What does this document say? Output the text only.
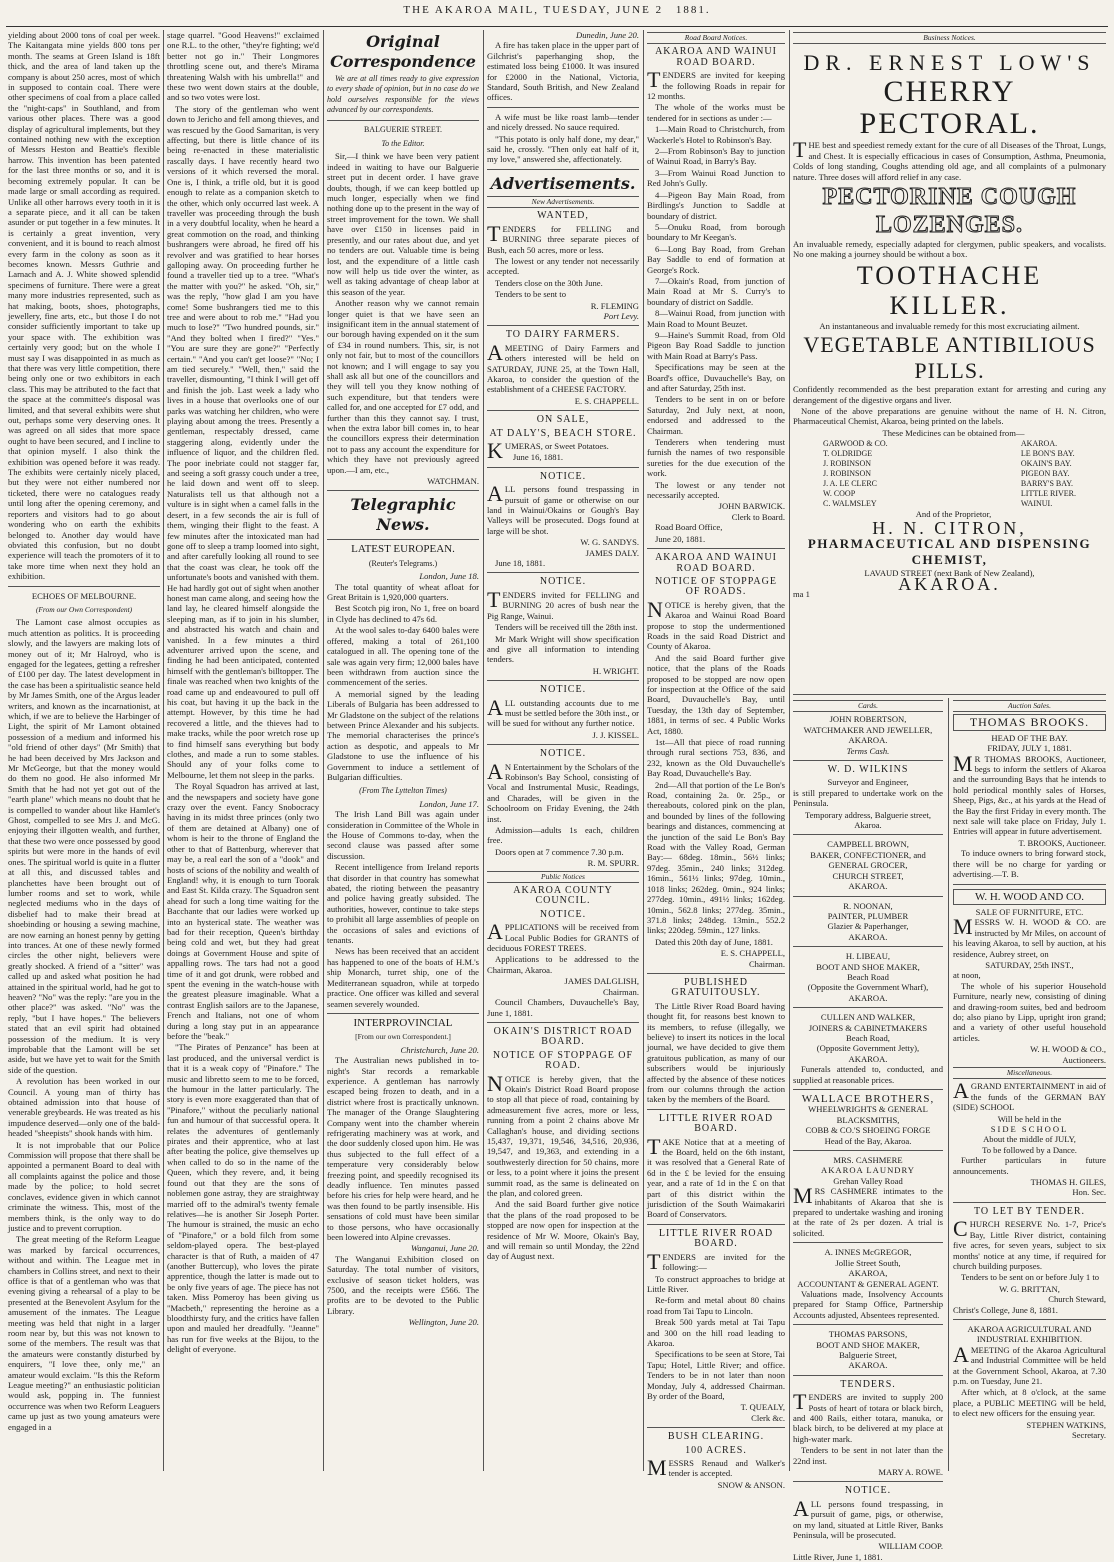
THE AKAROA MAIL, TUESDAY, JUNE 2 1881.

yielding about 2000 tons of coal per week. The Kaitangata mine yields 800 tons per month. The seams at Green Island is 18ft thick, and the area of land taken up the company is about 250 acres, most of which in supposed to contain coal. There were other specimens of coal from a place called the "night-caps" in Southland, and from various other places. There was a good display of agricultural implements, but they contained nothing new with the exception of Messrs Heston and Beattie's flexible harrow. This invention has been patented for the last three months or so, and it is becoming extremely popular. It can be made large or small according as required. Unlike all other harrows every tooth in it is a separate piece, and it all can be taken asunder or put together in a few minutes. It is certainly a great invention, very convenient, and it is bound to reach almost every farm in the colony as soon as it becomes known. Messrs Guthrie and Larnach and A. J. White showed splendid specimens of furniture. There were a great many more industries represented, such as hat making, boots, shoes, photographs, jewellery, fine arts, etc., but those I do not consider sufficiently important to take up your space with. The exhibition was certainly very good; but on the whole I must say I was disappointed in as much as that there was very little competition, there being only one or two exhibitors in each class. This may be attributed to the fact that the space at the committee's disposal was limited, and that several exhibits were shut out, perhaps some very deserving ones. It was agreed on all sides that more space ought to have been secured, and I incline to that opinion myself. I also think the exhibition was opened before it was ready. The exhibits were certainly nicely placed, but they were not either numbered nor ticketed, there were no catalogues ready until long after the opening ceremony, and reporters and visitors had to go about wondering who on earth the exhibits belonged to. Another day would have obviated this confusion, but no doubt experience will teach the promoters of it to take more time when next they hold an exhibition.

ECHOES OF MELBOURNE.
(From our Own Correspondent)

The Lamont case almost occupies as much attention as politics. It is proceeding slowly, and the lawyers are making lots of money out of it; Mr Halroyd, who is engaged for the legatees, getting a refresher of £100 per day. The latest development in the case has been a spiritualistic seance held by Mr James Smith, one of the Argus leader writers, and known as the incarnationist, at which, if we are to believe the Harbinger of Light, the spirit of Mr Lamont obtained possession of a medium and informed his "old friend of other days" (Mr Smith) that he had been deceived by Mrs Jackson and Mr McGeorge, but that the money would do them no good. He also informed Mr Smith that he had not yet got out of the "earth plane" which means no doubt that he is compelled to wander about like Hamlet's Ghost, compelled to see Mrs J. and McG. enjoying their illgotten wealth, and further, that these two were once possessed by good spirits but were more in the hands of evil ones. The spiritual world is quite in a flutter at all this, and discussed tables and planchettes have been brought out of lumber rooms and set to work, while neglected mediums who in the days of disbelief had to make their bread at shoebinding or housing a sewing machine, are now earning an honest penny by getting into trances. At one of these newly formed circles the other night, believers were greatly shocked. A friend of a "sitter" was called up and asked what position he had attained in the spiritual world, had he got to heaven? "No" was the reply: "are you in the other place?" was asked. "No" was the reply, "but I have hopes." The believers stated that an evil spirit had obtained possession of the medium. It is very improbable that the Lamont will be set aside, but we have yet to wait for the Smith side of the question.

A revolution has been worked in our Council. A young man of thirty has obtained admission into that house of venerable greybeards. He was treated as his impudence deserved—only one of the bald-headed "sheepists" shook hands with him.

It is not improbable that our Police Commission will propose that there shall be appointed a permanent Board to deal with all complaints against the police and those made by the police; to hold secret conclaves, evidence given in which cannot criminate the witness. This, most of the members think, is the only way to do justice and to prevent corruption.

The great meeting of the Reform League was marked by farcical occurrences, without and within. The League met in chambers in Collins street, and next to their office is that of a gentleman who was that evening giving a rehearsal of a play to be presented at the Benevolent Asylum for the amusement of the inmates. The League meeting was held that night in a larger room near by, but this was not known to some of the members. The result was that the amateurs were constantly disturbed by enquirers, "I love thee, only me," an amateur would exclaim. "Is this the Reform League meeting?" an enthusiastic politician would ask, popping in. The funniest occurrence was when two Reform Leaguers came up just as two young amateurs were engaged in a

stage quarrel. "Good Heavens!" exclaimed one R.L. to the other, "they're fighting; we'd better not go in." Their Longmores throttling scene out, and there's Mirama threatening Walsh with his umbrella!" and these two went down stairs at the double, and so two votes were lost.

The story of the gentleman who went down to Jericho and fell among thieves, and was rescued by the Good Samaritan, is very affecting, but there is little chance of its being re-enacted in these materialistic rascally days. I have recently heard two versions of it which reversed the moral. One is, I think, a trifle old, but it is good enough to relate as a companion sketch to the other, which only occurred last week. A traveller was proceeding through the bush in a very doubtful locality, when he heard a great commotion on the road, and thinking bushrangers were abroad, he fired off his revolver and was gratified to hear horses galloping away. On proceeding further he found a traveller tied up to a tree. "What's the matter with you?" he asked. "Oh, sir," was the reply, "how glad I am you have come! Some bushrangers tied me to this tree and were about to rob me." "Had you much to lose?" "Two hundred pounds, sir." "And they bolted when I fired?" "Yes." "You are sure they are gone?" "Perfectly certain." "And you can't get loose?" "No; I am tied securely." "Well, then," said the traveller, dismounting, "I think I will get off and finish the job. Last week a lady who lives in a house that overlooks one of our parks was watching her children, who were playing about among the trees. Presently a gentleman, respectably dressed, came staggering along, evidently under the influence of liquor, and the children fled. The poor inebriate could not stagger far, and seeing a soft grassy couch under a tree, he laid down and went off to sleep. Naturalists tell us that although not a vulture is in sight when a camel falls in the desert, in a few seconds the air is full of them, winging their flight to the feast. A few minutes after the intoxicated man had gone off to sleep a tramp loomed into sight, and after carefully looking all round to see that the coast was clear, he took off the unfortunate's boots and vanished with them. He had hardly got out of sight when another honest man came along, and seeing how the land lay, he cleared himself alongside the sleeping man, as if to join in his slumber, and abstracted his watch and chain and vanished. In a few minutes a third adventurer arrived upon the scene, and finding he had been anticipated, contented himself with the gentleman's billtopper. The finale was reached when two knights of the road came up and endeavoured to pull off his coat, but having it up the back in the attempt. However, by this time he had recovered a little, and the thieves had to make tracks, while the poor wretch rose up to find himself sans everything but body clothes, and made a run to some stables. Should any of your folks come to Melbourne, let them not sleep in the parks.

The Royal Squadron has arrived at last, and the newspapers and society have gone crazy over the event. Fancy Snobocracy having in its midst three princes (only two of them are detained at Albany) one of whom is heir to the throne of England the other to that of Battenburg, wherever that may be, a real earl the son of a "dook" and hosts of scions of the nobility and wealth of England! why, it is enough to turn Toorak and East St. Kilda crazy. The Squadron sent ahead for such a long time waiting for the Bacchante that our ladies were worked up into an hysterical state. The weather was bad for their reception, Queen's birthday being cold and wet, but they had great doings at Government House and spite of appalling rows. The tars had not a good time of it and got drunk, were robbed and spent the evening in the watch-house with the greatest pleasure imaginable. What a contrast English sailors are to the Japanese, French and Italians, not one of whom during a long stay put in an appearance before the "beak."

"The Pirates of Penzance" has been at last produced, and the universal verdict is that it is a weak copy of "Pinafore." The music and libretto seem to me to be forced, the humour in the latter particularly. The story is even more exaggerated than that of "Pinafore," without the peculiarly national fun and humour of that successful opera. It relates the adventures of gentlemanly pirates and their apprentice, who at last after beating the police, give themselves up when called to do so in the name of the Queen, which they revere, and, it being found out that they are the sons of noblemen gone astray, they are straightway married off to the admiral's twenty female relatives—he is another Sir Joseph Porter. The humour is strained, the music an echo of "Pinafore," or a bold filch from some seldom-played opera. The best-played character is that of Ruth, a maiden of 47 (another Buttercup), who loves the pirate apprentice, though the latter is made out to be only five years of age. The piece has not taken. Miss Pomeroy has been giving us "Macbeth," representing the heroine as a bloodthirsty fury, and the critics have fallen upon and mauled her dreadfully. "Jeanne" has run for five weeks at the Bijou, to the delight of everyone.

Original Correspondence

We are at all times ready to give expression to every shade of opinion, but in no case do we hold ourselves responsible for the views advanced by our correspondents.

BALGUERIE STREET.
To the Editor.

Sir,—I think we have been very patient indeed in waiting to have our Balguerie street put in decent order. I have grave doubts, though, if we can keep bottled up much longer, especially when we find nothing done up to the present in the way of street improvement for the town. We shall have over £150 in licenses paid in presently, and our rates about due, and yet no tenders are out. Valuable time is being lost, and the expenditure of a little cash now will help us tide over the winter, as well as taking advantage of cheap labor at this season of the year.

Another reason why we cannot remain longer quiet is that we have seen an insignificant item in the annual statement of our borough having expended on it the sum of £34 in round numbers. This, sir, is not only not fair, but to most of the councillors not known; and I will engage to say you shall ask all but one of the councillors and they will tell you they know nothing of such expenditure, but that tenders were called for, and one accepted for £7 odd, and further than this they cannot say. I trust, when the extra labor bill comes in, to hear the councillors express their determination not to pass any account the expenditure for which they have not previously agreed upon.—I am, etc.,

WATCHMAN.
Telegraphic News.
LATEST EUROPEAN.
(Reuter's Telegrams.)
London, June 18.

The total quantity of wheat afloat for Great Britain is 1,920,000 quarters.

Best Scotch pig iron, No 1, free on board in Clyde has declined to 47s 6d.

At the wool sales to-day 6400 bales were offered, making a total of 261,100 catalogued in all. The opening tone of the sale was again very firm; 12,000 bales have been withdrawn from auction since the commencement of the series.

A memorial signed by the leading Liberals of Bulgaria has been addressed to Mr Gladstone on the subject of the relations between Prince Alexander and his subjects. The memorial characterises the prince's action as despotic, and appeals to Mr Gladstone to use the influence of his Government to induce a settlement of Bulgarian difficulties.

(From The Lyttelton Times)
London, June 17.

The Irish Land Bill was again under consideration in Committee of the Whole in the House of Commons to-day, when the second clause was passed after some discussion.

Recent intelligence from Ireland reports that disorder in that country has somewhat abated, the rioting between the peasantry and police having greatly subsided. The authorities, however, continue to take steps to prohibit all large assemblies of people on the occasions of sales and evictions of tenants.

News has been received that an accident has happened to one of the boats of H.M.'s ship Monarch, turret ship, one of the Mediterranean squadron, while at torpedo practice. One officer was killed and several seamen severely wounded.

INTERPROVINCIAL
[From our own Correspondent.]
Christchurch, June 20.

The Australian news published in to-night's Star records a remarkable experience. A gentleman has narrowly escaped being frozen to death, and in a district where frost is practically unknown. The manager of the Orange Slaughtering Company went into the chamber wherein refrigerating machinery was at work, and the door suddenly closed upon him. He was thus subjected to the full effect of a temperature very considerably below freezing point, and speedily recognised its deadly influence. Ten minutes passed before his cries for help were heard, and he was then found to be partly insensible. His sensations of cold must have been similar to those persons, who have occasionally been lowered into Alpine crevasses.

Wanganui, June 20.

The Wanganui Exhibition closed on Saturday. The total number of visitors, exclusive of season ticket holders, was 7500, and the receipts were £566. The profits are to be devoted to the Public Library.

Wellington, June 20.
Dunedin, June 20.

A fire has taken place in the upper part of Gilchrist's paperhanging shop, the estimated loss being £1000. It was insured for £2000 in the National, Victoria, Standard, South British, and New Zealand offices.

A wife must be like roast lamb—tender and nicely dressed. No sauce required.

"This potato is only half done, my dear," said he, crossly. "Then only eat half of it, my love," answered she, affectionately.

Advertisements.
New Advertisements.
WANTED,

TENDERS for FELLING and BURNING three separate pieces of Bush, each 50 acres, more or less.

The lowest or any tender not necessarily accepted.

Tenders close on the 30th June.

Tenders to be sent to

R. FLEMING
Port Levy.
TO DAIRY FARMERS.

AMEETING of Dairy Farmers and others interested will be held on SATURDAY, JUNE 25, at the Town Hall, Akaroa, to consider the question of the establishment of a CHEESE FACTORY.

E. S. CHAPPELL.
ON SALE,
AT DALY'S, BEACH STORE.

KUMERAS, or Sweet Potatoes.

June 16, 1881.

NOTICE.

ALL persons found trespassing in pursuit of game or otherwise on our land in Wainui/Okains or Gough's Bay Valleys will be prosecuted. Dogs found at large will be shot.

W. G. SANDYS.
JAMES DALY.

June 18, 1881.

NOTICE.

TENDERS invited for FELLING and BURNING 20 acres of bush near the Pig Range, Wainui.

Tenders will be received till the 28th inst.

Mr Mark Wright will show specification and give all information to intending tenders.

H. WRIGHT.
NOTICE.

ALL outstanding accounts due to me must be settled before the 30th inst., or will be sued for without any further notice.

J. J. KISSEL.
NOTICE.

AN Entertainment by the Scholars of the Robinson's Bay School, consisting of Vocal and Instrumental Music, Readings, and Charades, will be given in the Schoolroom on Friday Evening, the 24th inst.

Admission—adults 1s each, children free.

Doors open at 7 commence 7.30 p.m.

R. M. SPURR.
Public Notices
AKAROA COUNTY COUNCIL.
NOTICE.

APPLICATIONS will be received from Local Public Bodies for GRANTS of deciduous FOREST TREES.

Applications to be addressed to the Chairman, Akaroa.

JAMES DALGLISH,
Chairman.

Council Chambers, Duvauchelle's Bay, June 1, 1881.

OKAIN'S DISTRICT ROAD BOARD.
NOTICE OF STOPPAGE OF ROAD.

NOTICE is hereby given, that the Okain's District Road Board propose to stop all that piece of road, containing by admeasurement five acres, more or less, running from a point 2 chains above Mr Callaghan's house, and dividing sections 15,437, 19,371, 19,546, 34,516, 20,936, 19,547, and 19,363, and extending in a southwesterly direction for 50 chains, more or less, to a point where it joins the present summit road, as the same is delineated on the plan, and colored green.

And the said Board further give notice that the plans of the road proposed to be stopped are now open for inspection at the residence of Mr W. Moore, Okain's Bay, and will remain so until Monday, the 22nd day of August next.

Road Board Notices.
AKAROA AND WAINUI ROAD BOARD.

TENDERS are invited for keeping the following Roads in repair for 12 months.

The whole of the works must be tendered for in sections as under :—

1—Main Road to Christchurch, from Wackerle's Hotel to Robinson's Bay.

2—From Robinson's Bay to junction of Wainui Road, in Barry's Bay.

3—From Wainui Road Junction to Red John's Gully.

4—Pigeon Bay Main Road, from Birdlings's Junction to Saddle at boundary of district.

5—Onuku Road, from borough boundary to Mr Keegan's.

6—Long Bay Road, from Grehan Bay Saddle to end of formation at George's Rock.

7—Okain's Road, from junction of Main Road at Mr S. Curry's to boundary of district on Saddle.

8—Wainui Road, from junction with Main Road to Mount Beuzet.

9—Haine's Summit Road, from Old Pigeon Bay Road Saddle to junction with Main Road at Barry's Pass.

Specifications may be seen at the Board's office, Duvauchelle's Bay, on and after Saturday, 25th inst.

Tenders to be sent in on or before Saturday, 2nd July next, at noon, endorsed and addressed to the Chairman.

Tenderers when tendering must furnish the names of two responsible sureties for the due execution of the work.

The lowest or any tender not necessarily accepted.

JOHN BARWICK.
Clerk to Board.

Road Board Office,

June 20, 1881.

AKAROA AND WAINUI ROAD BOARD.
NOTICE OF STOPPAGE OF ROADS.

NOTICE is hereby given, that the Akaroa and Wainui Road Board propose to stop the undermentioned Roads in the said Road District and County of Akaroa.

And the said Board further give notice, that the plans of the Roads proposed to be stopped are now open for inspection at the Office of the said Board, Duvauchelle's Bay, until Tuesday, the 13th day of September, 1881, in terms of sec. 4 Public Works Act, 1880.

1st—All that piece of road running through rural sections 753, 836, and 232, known as the Old Duvauchelle's Bay Road, Duvauchelle's Bay.

2nd—All that portion of the Le Bon's Road, containing 2a. 0r. 25p., or thereabouts, colored pink on the plan, and bounded by lines of the following bearings and distances, commencing at the junction of the said Le Bon's Bay Road with the Valley Road, German Bay:— 68deg. 18min., 56½ links; 97deg. 35min., 240 links; 312deg. 16min., 561½ links; 97deg. 10min., 1018 links; 262deg. 0min., 924 links; 277deg. 10min., 491½ links; 162deg. 10min., 562.8 links; 277deg. 35min., 371.8 links; 248deg. 13min., 552.2 links; 220deg. 59min., 127 links.

Dated this 20th day of June, 1881.

E. S. CHAPPELL,
Chairman.
PUBLISHED GRATUITOUSLY.

The Little River Road Board having thought fit, for reasons best known to its members, to refuse (illegally, we believe) to insert its notices in the local journal, we have decided to give them gratuitous publication, as many of our subscribers would be injuriously affected by the absence of these notices from our columns through the action taken by the members of the Board.

LITTLE RIVER ROAD BOARD.

TAKE Notice that at a meeting of the Board, held on the 6th instant, it was resolved that a General Rate of 6d in the £ be levied for the ensuing year, and a rate of 1d in the £ on that part of this district within the jurisdiction of the South Waimakariri Board of Conservators.

LITTLE RIVER ROAD BOARD.

TENDERS are invited for the following:—

To construct approaches to bridge at Little River.

Re-form and metal about 80 chains road from Tai Tapu to Lincoln.

Break 500 yards metal at Tai Tapu and 300 on the hill road leading to Akaroa.

Specifications to be seen at Store, Tai Tapu; Hotel, Little River; and office. Tenders to be in not later than noon Monday, July 4, addressed Chairman. By order of the Board,

T. QUEALY,
Clerk &c.
BUSH CLEARING.
100 ACRES.

MESSRS Renaud and Walker's tender is accepted.

SNOW & ANSON.
Business Notices.
DR. ERNEST LOW'S
CHERRY PECTORAL.

THE best and speediest remedy extant for the cure of all Diseases of the Throat, Lungs, and Chest. It is especially efficacious in cases of Consumption, Asthma, Pneumonia, Colds of long standing, Coughs attending old age, and all complaints of a pulmonary nature. Three doses will afford relief in any case.

PECTORINE COUGH LOZENGES.

An invaluable remedy, especially adapted for clergymen, public speakers, and vocalists. No one making a journey should be without a box.

TOOTHACHE KILLER.

An instantaneous and invaluable remedy for this most excruciating ailment.

VEGETABLE ANTIBILIOUS PILLS.

Confidently recommended as the best preparation extant for arresting and curing any derangement of the digestive organs and liver.

None of the above preparations are genuine without the name of H. N. Citron, Pharmaceutical Chemist, Akaroa, being printed on the labels.

These Medicines can be obtained from—

GARWOOD & CO.
T. OLDRIDGE
J. ROBINSON
J. ROBINSON
J. A. LE CLERC
W. COOP
C. WALMSLEY
AKAROA.
LE BON'S BAY.
OKAIN'S BAY.
PIGEON BAY.
BARRY'S BAY.
LITTLE RIVER.
WAINUI.

And of the Proprietor,

H. N. CITRON,
PHARMACEUTICAL AND DISPENSING CHEMIST,
LAVAUD STREET (next Bank of New Zealand),
AKAROA.
ma 1
Cards.
JOHN ROBERTSON,
WATCHMAKER AND JEWELLER,
AKAROA.
Terms Cash.
W. D. WILKINS
Surveyor and Engineer,

is still prepared to undertake work on the Peninsula.

Temporary address, Balguerie street, Akaroa.
CAMPBELL BROWN,
BAKER, CONFECTIONER, and GENERAL GROCER,
CHURCH STREET,
AKAROA.
R. NOONAN,
PAINTER, PLUMBER
Glazier & Paperhanger,
AKAROA.
H. LIBEAU,
BOOT AND SHOE MAKER,
Beach Road
(Opposite the Government Wharf),
AKAROA.
CULLEN AND WALKER,
JOINERS & CABINETMAKERS
Beach Road,
(Opposite Government Jetty),
AKAROA.

Funerals attended to, conducted, and supplied at reasonable prices.

WALLACE BROTHERS,
WHEELWRIGHTS & GENERAL BLACKSMITHS,
COBB & CO.'S SHOEING FORGE
Head of the Bay, Akaroa.
MRS. CASHMERE
AKAROA LAUNDRY
Grehan Valley Road

MRS CASHMERE intimates to the inhabitants of Akaroa that she is prepared to undertake washing and ironing at the rate of 2s per dozen. A trial is solicited.

A. INNES McGREGOR,
Jollie Street South,
AKAROA,
ACCOUNTANT & GENERAL AGENT.

Valuations made, Insolvency Accounts prepared for Stamp Office, Partnership Accounts adjusted, Absentees represented.

THOMAS PARSONS,
BOOT AND SHOE MAKER,
Balguerie Street,
AKAROA.
TENDERS.

TENDERS are invited to supply 200 Posts of heart of totara or black birch, and 400 Rails, either totara, manuka, or black birch, to be delivered at my place at high-water mark.

Tenders to be sent in not later than the 22nd inst.

MARY A. ROWE.
NOTICE.

ALL persons found trespassing, in pursuit of game, pigs, or otherwise, on my land, situated at Little River, Banks Peninsula, will be prosecuted.

WILLIAM COOP.
Little River, June 1, 1881.
Auction Sales.
THOMAS BROOKS.
HEAD OF THE BAY.
FRIDAY, JULY 1, 1881.

MR THOMAS BROOKS, Auctioneer, begs to inform the settlers of Akaroa and the surrounding Bays that he intends to hold periodical monthly sales of Horses, Sheep, Pigs, &c., at his yards at the Head of the Bay the first Friday in every month. The next sale will take place on Friday, July 1. Entries will appear in future advertisement.

T. BROOKS, Auctioneer.

To induce owners to bring forward stock, there will be no charge for yarding or advertising.—T. B.

W. H. WOOD AND CO.
SALE OF FURNITURE, ETC.

MESSRS W. H. WOOD & CO. are instructed by Mr Miles, on account of his leaving Akaroa, to sell by auction, at his residence, Aubrey street, on

SATURDAY, 25th INST.,
at noon,

The whole of his superior Household Furniture, nearly new, consisting of dining and drawing-room suites, bed and bedroom do; also piano by Lipp, upright iron grand; and a variety of other useful household articles.

W. H. WOOD & CO.,
Auctioneers.
Miscellaneous.

AGRAND ENTERTAINMENT in aid of the funds of the GERMAN BAY (SIDE) SCHOOL

Will be held in the
SIDE SCHOOL
About the middle of JULY,
To be followed by a Dance.

Further particulars in future announcements.

THOMAS H. GILES,
Hon. Sec.
TO LET BY TENDER.

CHURCH RESERVE No. 1-7, Price's Bay, Little River district, containing five acres, for seven years, subject to six months' notice at any time, if required for church building purposes.

Tenders to be sent on or before July 1 to

W. G. BRITTAN,
Church Steward,
Christ's College, June 8, 1881.
AKAROA AGRICULTURAL AND INDUSTRIAL EXHIBITION.

AMEETING of the Akaroa Agricultural and Industrial Committee will be held at the Government School, Akaroa, at 7.30 p.m. on Tuesday, June 21.

After which, at 8 o'clock, at the same place, a PUBLIC MEETING will be held, to elect new officers for the ensuing year.

STEPHEN WATKINS,
Secretary.
